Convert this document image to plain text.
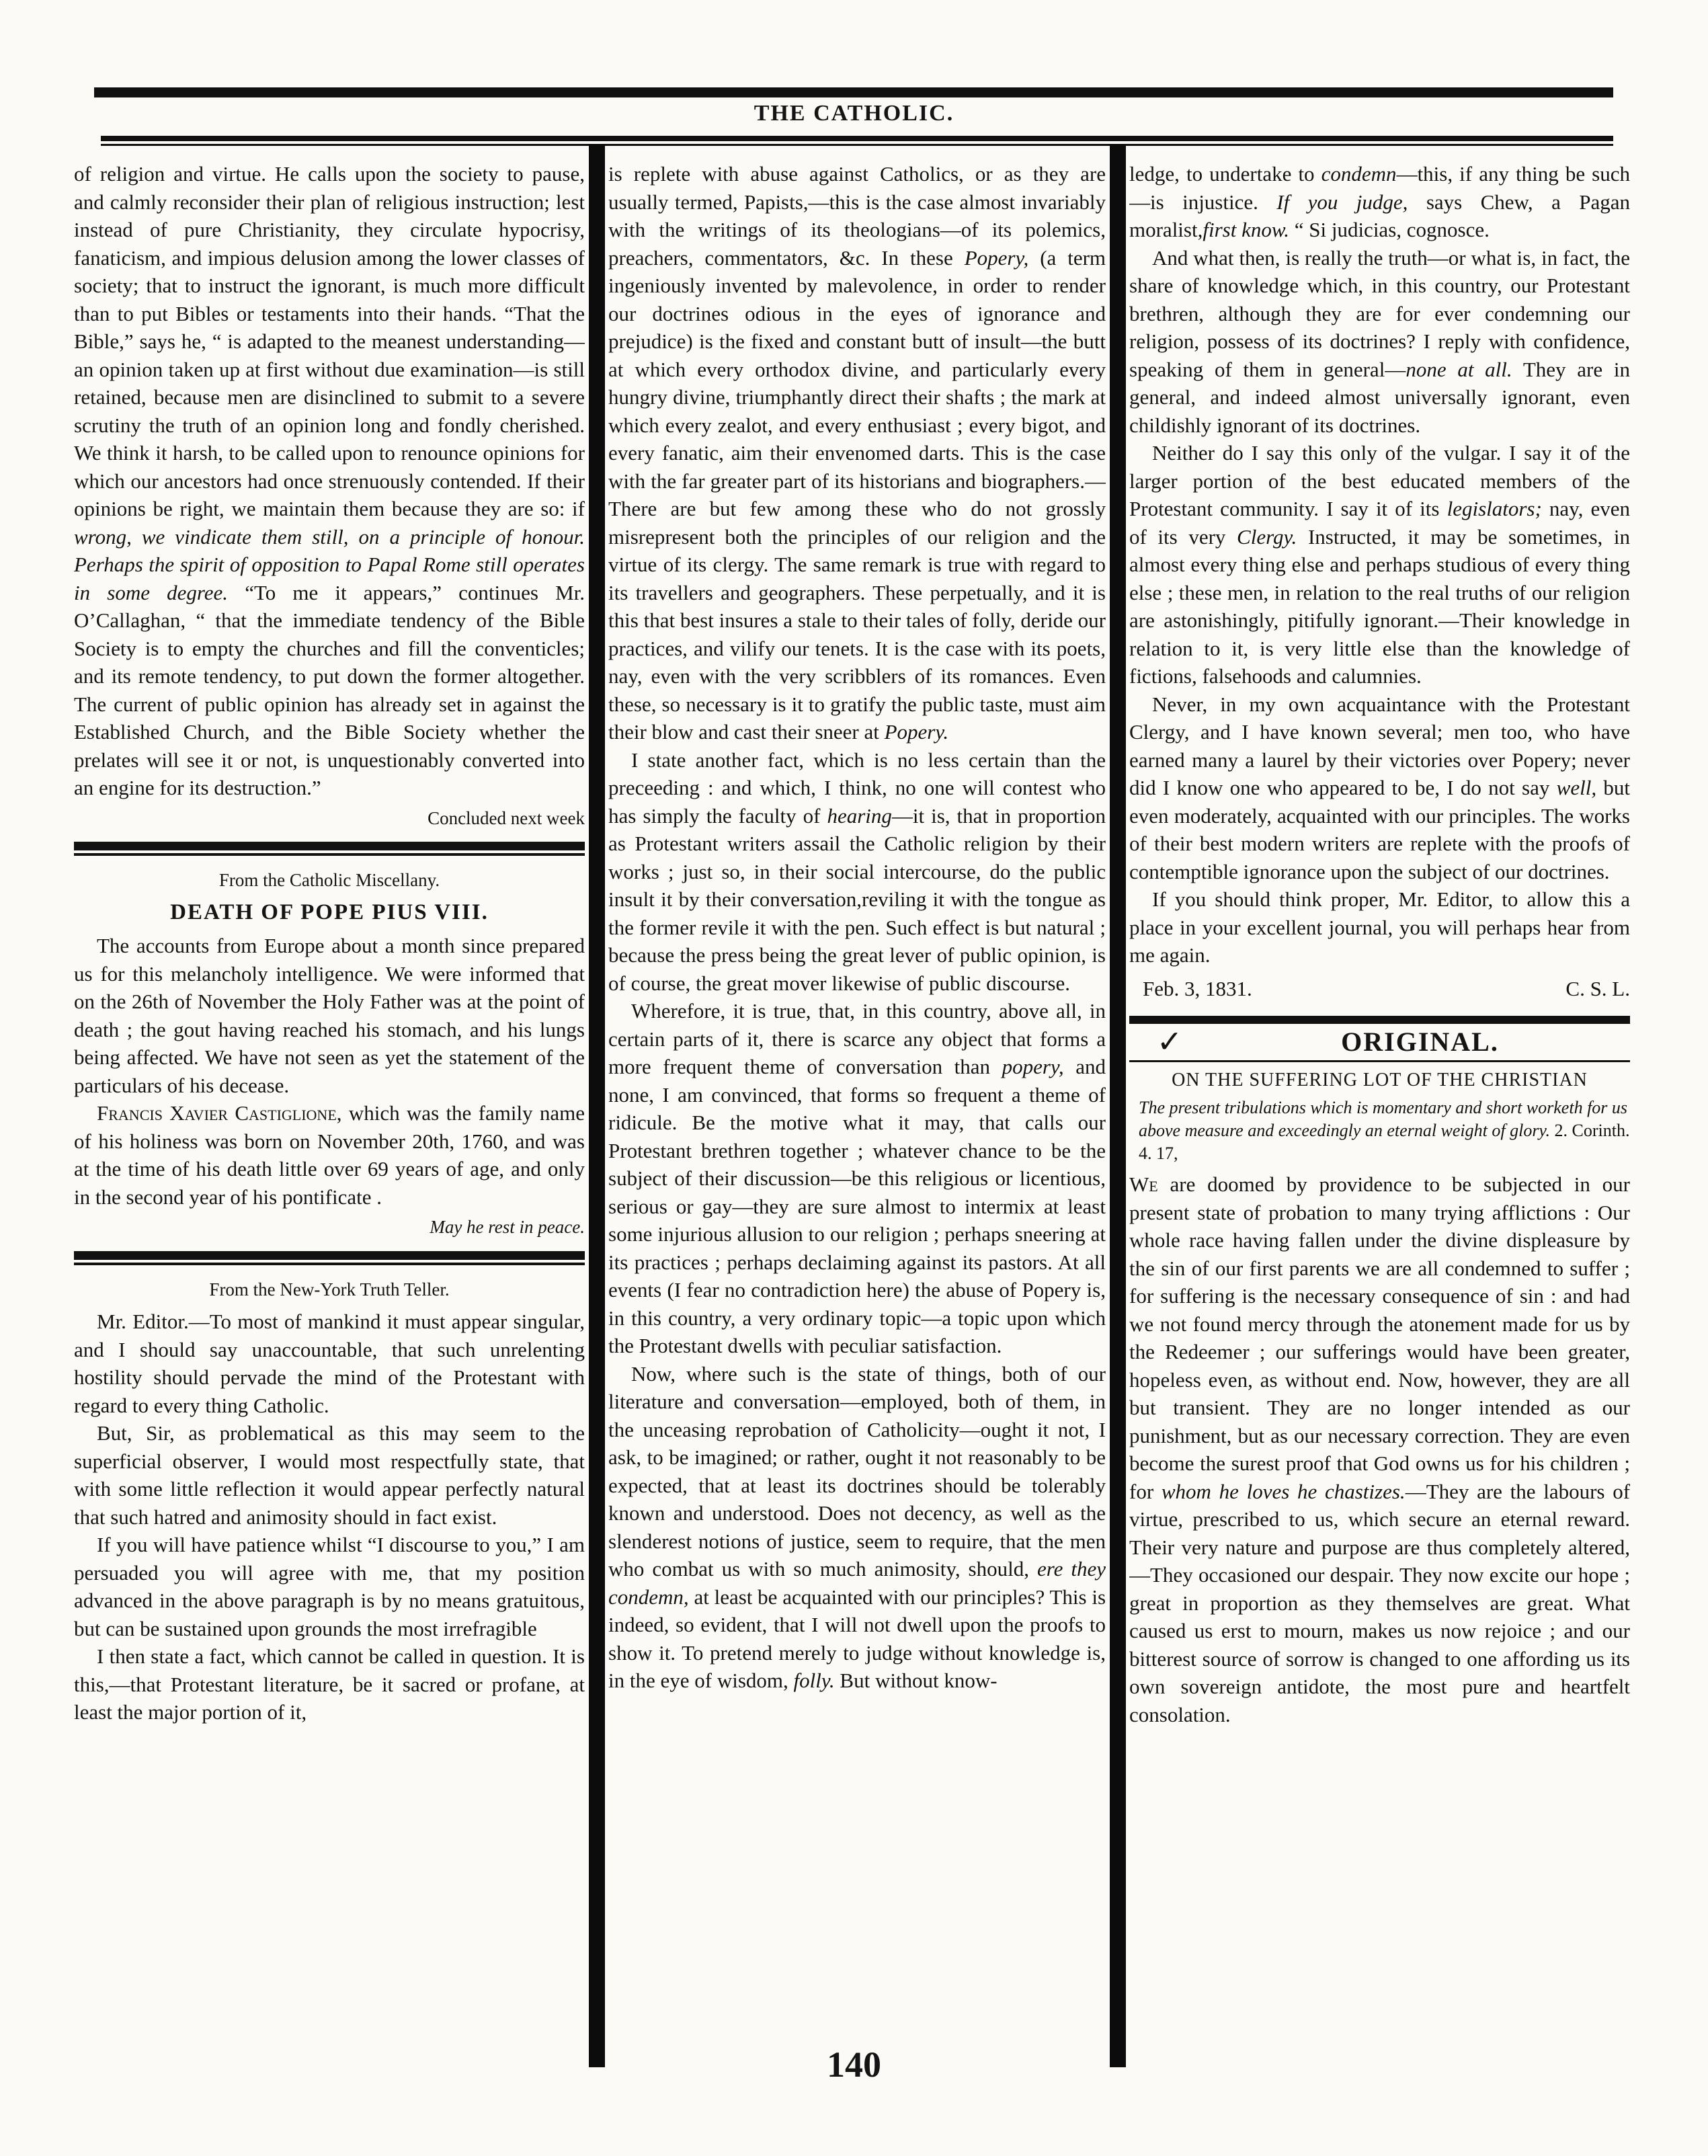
THE CATHOLIC.

of religion and virtue. He calls upon the society to pause, and calmly reconsider their plan of religious instruction; lest instead of pure Christianity, they circulate hypocrisy, fanaticism, and impious delusion among the lower classes of society; that to instruct the ignorant, is much more difficult than to put Bibles or testaments into their hands. “That the Bible,” says he, “ is adapted to the meanest understanding—an opinion taken up at first without due examination—is still retained, because men are disinclined to submit to a severe scrutiny the truth of an opinion long and fondly cherished. We think it harsh, to be called upon to renounce opinions for which our ancestors had once strenuously contended. If their opinions be right, we maintain them because they are so: if wrong, we vindicate them still, on a principle of honour. Perhaps the spirit of opposition to Papal Rome still operates in some degree. “To me it appears,” continues Mr. O’Callaghan, “ that the immediate tendency of the Bible Society is to empty the churches and fill the conventicles; and its remote tendency, to put down the former altogether. The current of public opinion has already set in against the Established Church, and the Bible Society whether the prelates will see it or not, is unquestionably converted into an engine for its destruction.”

Concluded next week

From the Catholic Miscellany.

DEATH OF POPE PIUS VIII.

The accounts from Europe about a month since prepared us for this melancholy intelligence. We were informed that on the 26th of November the Holy Father was at the point of death ; the gout having reached his stomach, and his lungs being affected. We have not seen as yet the statement of the particulars of his decease.

Francis Xavier Castiglione, which was the family name of his holiness was born on November 20th, 1760, and was at the time of his death little over 69 years of age, and only in the second year of his pontificate .

May he rest in peace.

From the New-York Truth Teller.

Mr. Editor.—To most of mankind it must appear singular, and I should say unaccountable, that such unrelenting hostility should pervade the mind of the Protestant with regard to every thing Catholic.

But, Sir, as problematical as this may seem to the superficial observer, I would most respectfully state, that with some little reflection it would appear perfectly natural that such hatred and animosity should in fact exist.

If you will have patience whilst “I discourse to you,” I am persuaded you will agree with me, that my position advanced in the above paragraph is by no means gratuitous, but can be sustained upon grounds the most irrefragible

I then state a fact, which cannot be called in question. It is this,—that Protestant literature, be it sacred or profane, at least the major portion of it,

is replete with abuse against Catholics, or as they are usually termed, Papists,—this is the case almost invariably with the writings of its theologians—of its polemics, preachers, commentators, &c. In these Popery, (a term ingeniously invented by malevolence, in order to render our doctrines odious in the eyes of ignorance and prejudice) is the fixed and constant butt of insult—the butt at which every orthodox divine, and particularly every hungry divine, triumphantly direct their shafts ; the mark at which every zealot, and every enthusiast ; every bigot, and every fanatic, aim their envenomed darts. This is the case with the far greater part of its historians and biographers.—There are but few among these who do not grossly misrepresent both the principles of our religion and the virtue of its clergy. The same remark is true with regard to its travellers and geographers. These perpetually, and it is this that best insures a stale to their tales of folly, deride our practices, and vilify our tenets. It is the case with its poets, nay, even with the very scribblers of its romances. Even these, so necessary is it to gratify the public taste, must aim their blow and cast their sneer at Popery.

I state another fact, which is no less certain than the preceeding : and which, I think, no one will contest who has simply the faculty of hearing—it is, that in proportion as Protestant writers assail the Catholic religion by their works ; just so, in their social intercourse, do the public insult it by their conversation,reviling it with the tongue as the former revile it with the pen. Such effect is but natural ; because the press being the great lever of public opinion, is of course, the great mover likewise of public discourse.

Wherefore, it is true, that, in this country, above all, in certain parts of it, there is scarce any object that forms a more frequent theme of conversation than popery, and none, I am convinced, that forms so frequent a theme of ridicule. Be the motive what it may, that calls our Protestant brethren together ; whatever chance to be the subject of their discussion—be this religious or licentious, serious or gay—they are sure almost to intermix at least some injurious allusion to our religion ; perhaps sneering at its practices ; perhaps declaiming against its pastors. At all events (I fear no contradiction here) the abuse of Popery is, in this country, a very ordinary topic—a topic upon which the Protestant dwells with peculiar satisfaction.

Now, where such is the state of things, both of our literature and conversation—employed, both of them, in the unceasing reprobation of Catholicity—ought it not, I ask, to be imagined; or rather, ought it not reasonably to be expected, that at least its doctrines should be tolerably known and understood. Does not decency, as well as the slenderest notions of justice, seem to require, that the men who combat us with so much animosity, should, ere they condemn, at least be acquainted with our principles? This is indeed, so evident, that I will not dwell upon the proofs to show it. To pretend merely to judge without knowledge is, in the eye of wisdom, folly. But without know-

ledge, to undertake to condemn—this, if any thing be such—is injustice. If you judge, says Chew, a Pagan moralist,first know. “ Si judicias, cognosce.

And what then, is really the truth—or what is, in fact, the share of knowledge which, in this country, our Protestant brethren, although they are for ever condemning our religion, possess of its doctrines? I reply with confidence, speaking of them in general—none at all. They are in general, and indeed almost universally ignorant, even childishly ignorant of its doctrines.

Neither do I say this only of the vulgar. I say it of the larger portion of the best educated members of the Protestant community. I say it of its legislators; nay, even of its very Clergy. Instructed, it may be sometimes, in almost every thing else and perhaps studious of every thing else ; these men, in relation to the real truths of our religion are astonishingly, pitifully ignorant.—Their knowledge in relation to it, is very little else than the knowledge of fictions, falsehoods and calumnies.

Never, in my own acquaintance with the Protestant Clergy, and I have known several; men too, who have earned many a laurel by their victories over Popery; never did I know one who appeared to be, I do not say well, but even moderately, acquainted with our principles. The works of their best modern writers are replete with the proofs of contemptible ignorance upon the subject of our doctrines.

If you should think proper, Mr. Editor, to allow this a place in your excellent journal, you will perhaps hear from me again.

Feb. 3, 1831.	C. S. L.
✓	ORIGINAL.

ON THE SUFFERING LOT OF THE CHRISTIAN

The present tribulations which is momentary and short worketh for us above measure and exceedingly an eternal weight of glory. 2. Corinth. 4. 17,

We are doomed by providence to be subjected in our present state of probation to many trying afflictions : Our whole race having fallen under the divine displeasure by the sin of our first parents we are all condemned to suffer ; for suffering is the necessary consequence of sin : and had we not found mercy through the atonement made for us by the Redeemer ; our sufferings would have been greater, hopeless even, as without end. Now, however, they are all but transient. They are no longer intended as our punishment, but as our necessary correction. They are even become the surest proof that God owns us for his children ; for whom he loves he chastizes.—They are the labours of virtue, prescribed to us, which secure an eternal reward. Their very nature and purpose are thus completely altered,—They occasioned our despair. They now excite our hope ; great in proportion as they themselves are great. What caused us erst to mourn, makes us now rejoice ; and our bitterest source of sorrow is changed to one affording us its own sovereign antidote, the most pure and heartfelt consolation.

140
